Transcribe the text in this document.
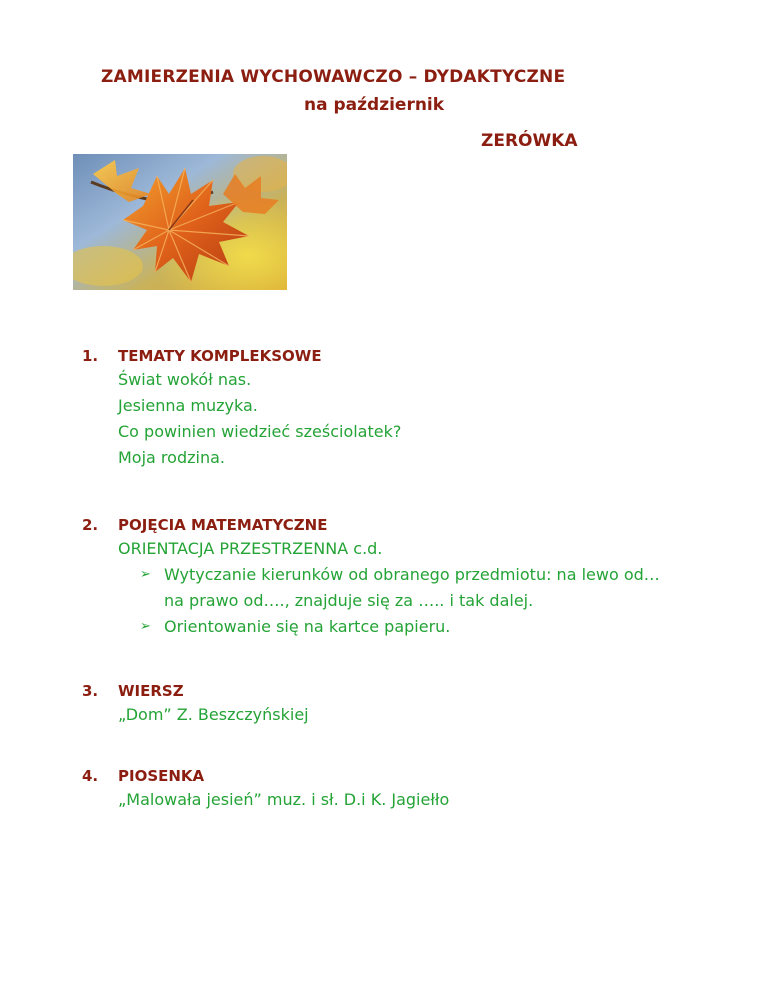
ZAMIERZENIA WYCHOWAWCZO – DYDAKTYCZNE
na październik
ZERÓWKA
1.	TEMATY KOMPLEKSOWE
Świat wokół nas.
Jesienna muzyka.
Co powinien wiedzieć sześciolatek?
Moja rodzina.
2.	POJĘCIA MATEMATYCZNE
ORIENTACJA PRZESTRZENNA c.d.
➢ Wytyczanie kierunków od obranego przedmiotu: na lewo od… na prawo od…., znajduje się za ….. i tak dalej.
➢ Orientowanie się na kartce papieru.
3.	WIERSZ
„Dom” Z. Beszczyńskiej
4.	PIOSENKA
„Malowała jesień” muz. i sł. D.i K. Jagiełło
